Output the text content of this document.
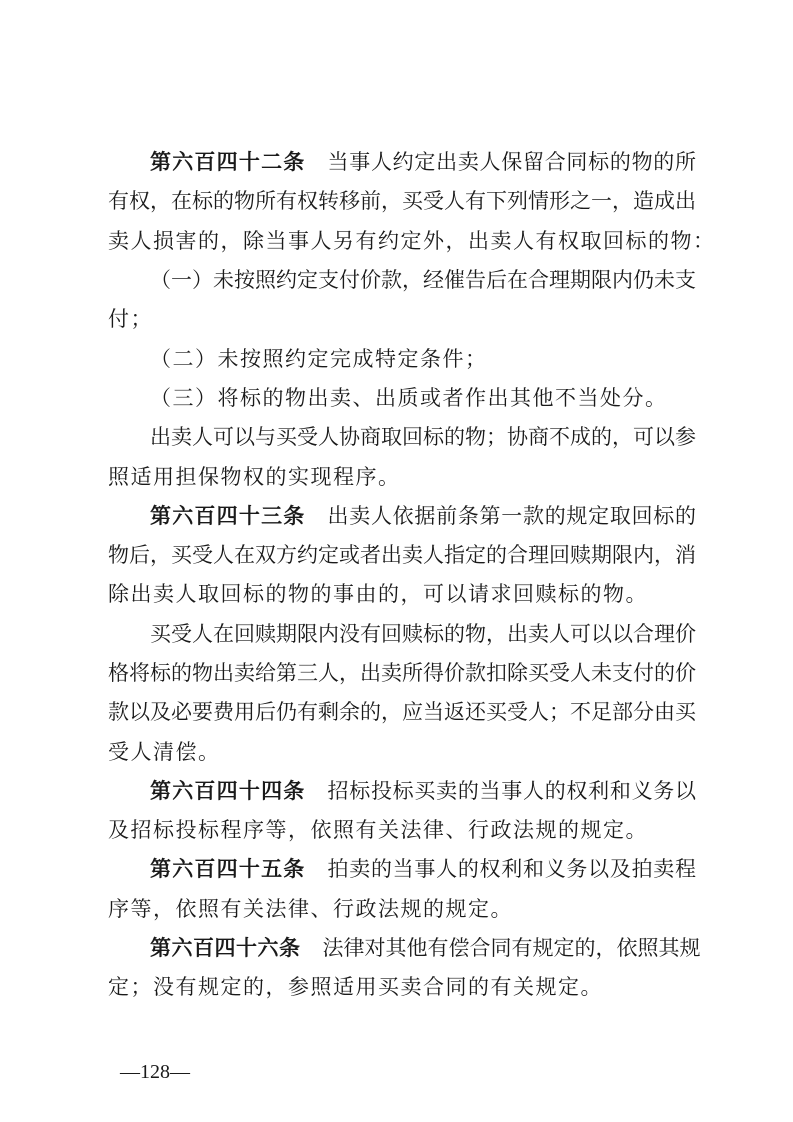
第六百四十二条 当事人约定出卖人保留合同标的物的所
有权，在标的物所有权转移前，买受人有下列情形之一，造成出
卖人损害的，除当事人另有约定外，出卖人有权取回标的物：
（一）未按照约定支付价款，经催告后在合理期限内仍未支
付；
（二）未按照约定完成特定条件；
（三）将标的物出卖、出质或者作出其他不当处分。
出卖人可以与买受人协商取回标的物；协商不成的，可以参
照适用担保物权的实现程序。
第六百四十三条 出卖人依据前条第一款的规定取回标的
物后，买受人在双方约定或者出卖人指定的合理回赎期限内，消
除出卖人取回标的物的事由的，可以请求回赎标的物。
买受人在回赎期限内没有回赎标的物，出卖人可以以合理价
格将标的物出卖给第三人，出卖所得价款扣除买受人未支付的价
款以及必要费用后仍有剩余的，应当返还买受人；不足部分由买
受人清偿。
第六百四十四条 招标投标买卖的当事人的权利和义务以
及招标投标程序等，依照有关法律、行政法规的规定。
第六百四十五条 拍卖的当事人的权利和义务以及拍卖程
序等，依照有关法律、行政法规的规定。
第六百四十六条 法律对其他有偿合同有规定的，依照其规
定；没有规定的，参照适用买卖合同的有关规定。
—128—
